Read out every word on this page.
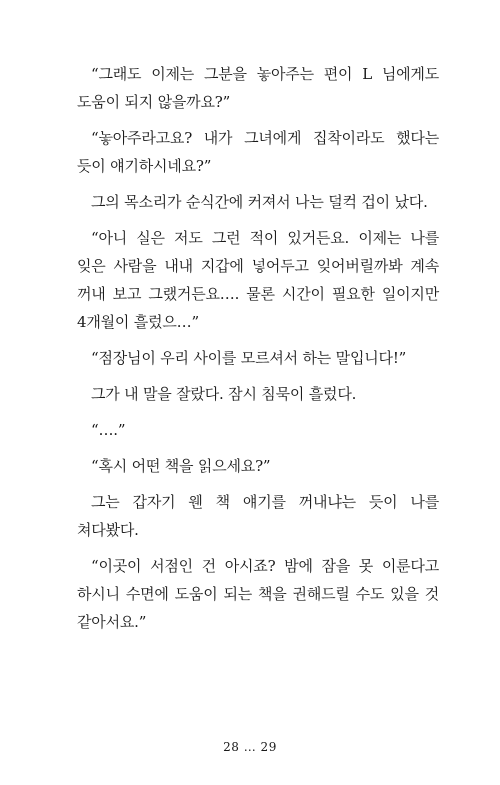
“그래도 이제는 그분을 놓아주는 편이 L 님에게도 도움이 되지 않을까요?”

“놓아주라고요? 내가 그녀에게 집착이라도 했다는 듯이 얘기하시네요?”

그의 목소리가 순식간에 커져서 나는 덜컥 겁이 났다.

“아니 실은 저도 그런 적이 있거든요. 이제는 나를 잊은 사람을 내내 지갑에 넣어두고 잊어버릴까봐 계속 꺼내 보고 그랬거든요…. 물론 시간이 필요한 일이지만 4개월이 흘렀으…”

“점장님이 우리 사이를 모르셔서 하는 말입니다!”

그가 내 말을 잘랐다. 잠시 침묵이 흘렀다.

“….”

“혹시 어떤 책을 읽으세요?”

그는 갑자기 웬 책 얘기를 꺼내냐는 듯이 나를 쳐다봤다.

“이곳이 서점인 건 아시죠? 밤에 잠을 못 이룬다고 하시니 수면에 도움이 되는 책을 권해드릴 수도 있을 것 같아서요.”

28 … 29
